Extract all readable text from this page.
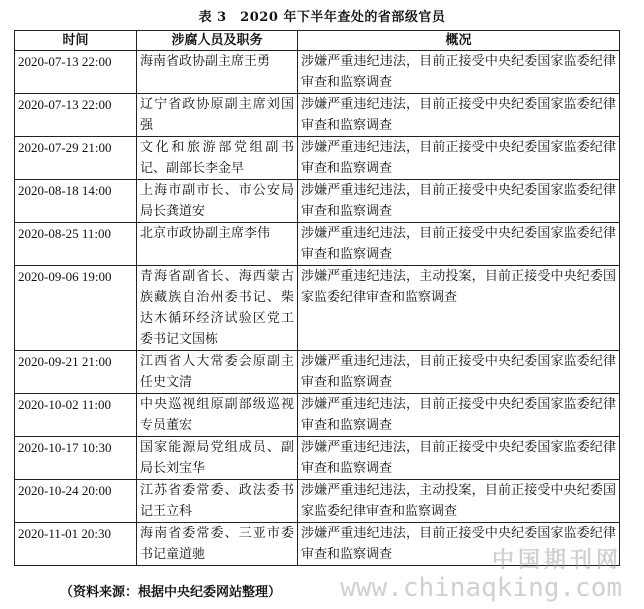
表 3　2020 年下半年查处的省部级官员
时间	涉腐人员及职务	概况
2020-07-13 22:00	海南省政协副主席王勇	涉嫌严重违纪违法，目前正接受中央纪委国家监委纪律审查和监察调查
2020-07-13 22:00	辽宁省政协原副主席刘国强	涉嫌严重违纪违法，目前正接受中央纪委国家监委纪律审查和监察调查
2020-07-29 21:00	文化和旅游部党组副书记、副部长李金早	涉嫌严重违纪违法，目前正接受中央纪委国家监委纪律审查和监察调查
2020-08-18 14:00	上海市副市长、市公安局局长龚道安	涉嫌严重违纪违法，目前正接受中央纪委国家监委纪律审查和监察调查
2020-08-25 11:00	北京市政协副主席李伟	涉嫌严重违纪违法，目前正接受中央纪委国家监委纪律审查和监察调查
2020-09-06 19:00	青海省副省长、海西蒙古族藏族自治州委书记、柴达木循环经济试验区党工委书记文国栋	涉嫌严重违纪违法，主动投案，目前正接受中央纪委国家监委纪律审查和监察调查
2020-09-21 21:00	江西省人大常委会原副主任史文清	涉嫌严重违纪违法，目前正接受中央纪委国家监委纪律审查和监察调查
2020-10-02 11:00	中央巡视组原副部级巡视专员董宏	涉嫌严重违纪违法，目前正接受中央纪委国家监委纪律审查和监察调查
2020-10-17 10:30	国家能源局党组成员、副局长刘宝华	涉嫌严重违纪违法，目前正接受中央纪委国家监委纪律审查和监察调查
2020-10-24 20:00	江苏省委常委、政法委书记王立科	涉嫌严重违纪违法，主动投案，目前正接受中央纪委国家监委纪律审查和监察调查
2020-11-01 20:30	海南省委常委、三亚市委书记童道驰	涉嫌严重违纪违法，目前正接受中央纪委国家监委纪律审查和监察调查
（资料来源：根据中央纪委网站整理）
中国期刊网
www.chinaqking.com
